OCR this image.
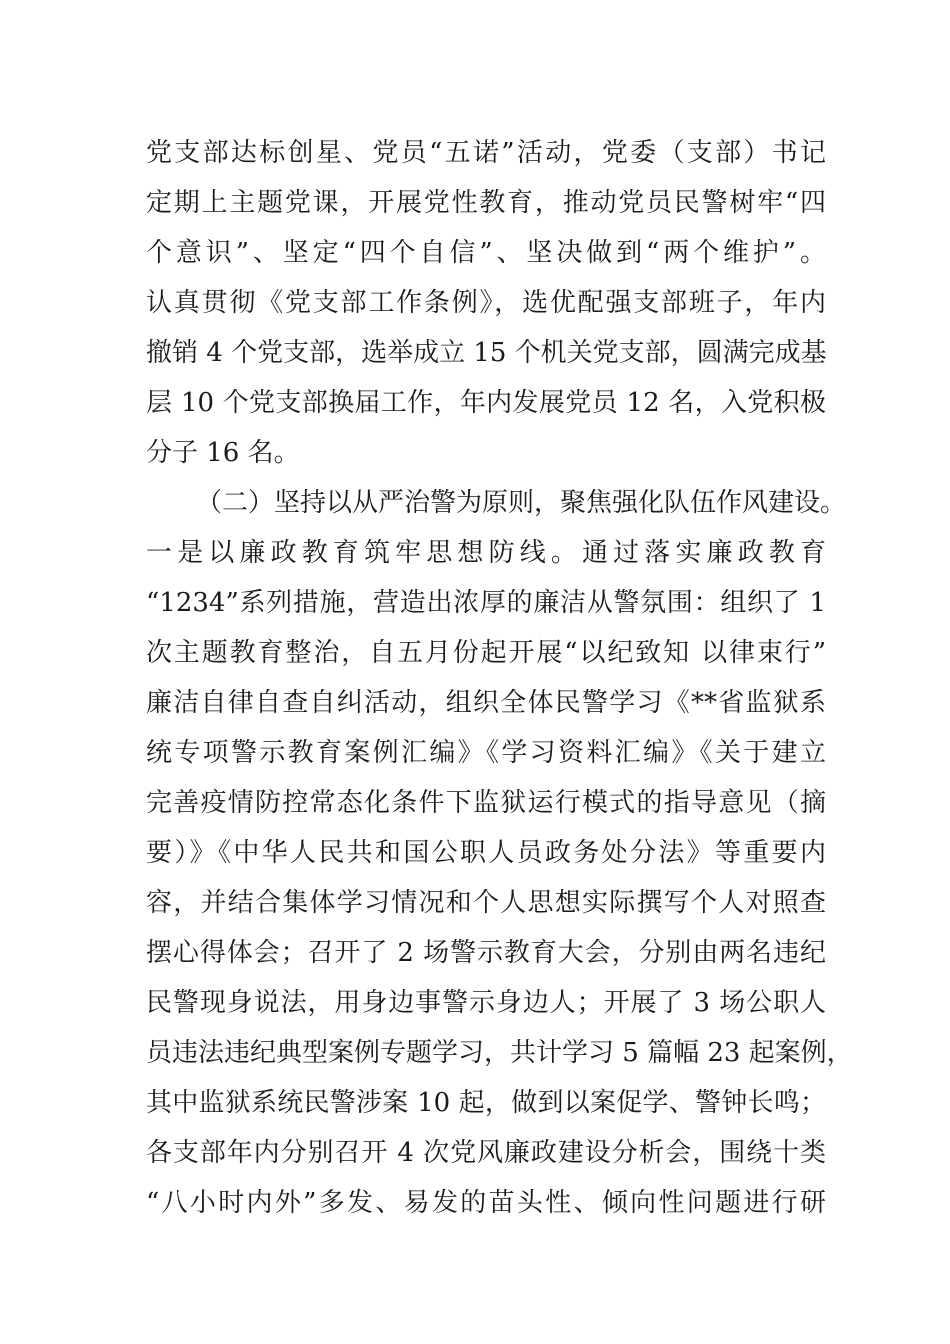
党支部达标创星、党员“五诺”活动，党委（支部）书记
定期上主题党课，开展党性教育，推动党员民警树牢“四
个意识”、坚定“四个自信”、坚决做到“两个维护”。
认真贯彻《党支部工作条例》，选优配强支部班子，年内
撤销 4 个党支部，选举成立 15 个机关党支部，圆满完成基
层 10 个党支部换届工作，年内发展党员 12 名，入党积极
分子 16 名。
（二）坚持以从严治警为原则，聚焦强化队伍作风建设。
一是以廉政教育筑牢思想防线。通过落实廉政教育
“1234”系列措施，营造出浓厚的廉洁从警氛围：组织了 1
次主题教育整治，自五月份起开展“以纪致知 以律束行”
廉洁自律自查自纠活动，组织全体民警学习《**省监狱系
统专项警示教育案例汇编》《学习资料汇编》《关于建立
完善疫情防控常态化条件下监狱运行模式的指导意见（摘
要）》《中华人民共和国公职人员政务处分法》等重要内
容，并结合集体学习情况和个人思想实际撰写个人对照查
摆心得体会；召开了 2 场警示教育大会，分别由两名违纪
民警现身说法，用身边事警示身边人；开展了 3 场公职人
员违法违纪典型案例专题学习，共计学习 5 篇幅 23 起案例，
其中监狱系统民警涉案 10 起，做到以案促学、警钟长鸣；
各支部年内分别召开 4 次党风廉政建设分析会，围绕十类
“八小时内外”多发、易发的苗头性、倾向性问题进行研
